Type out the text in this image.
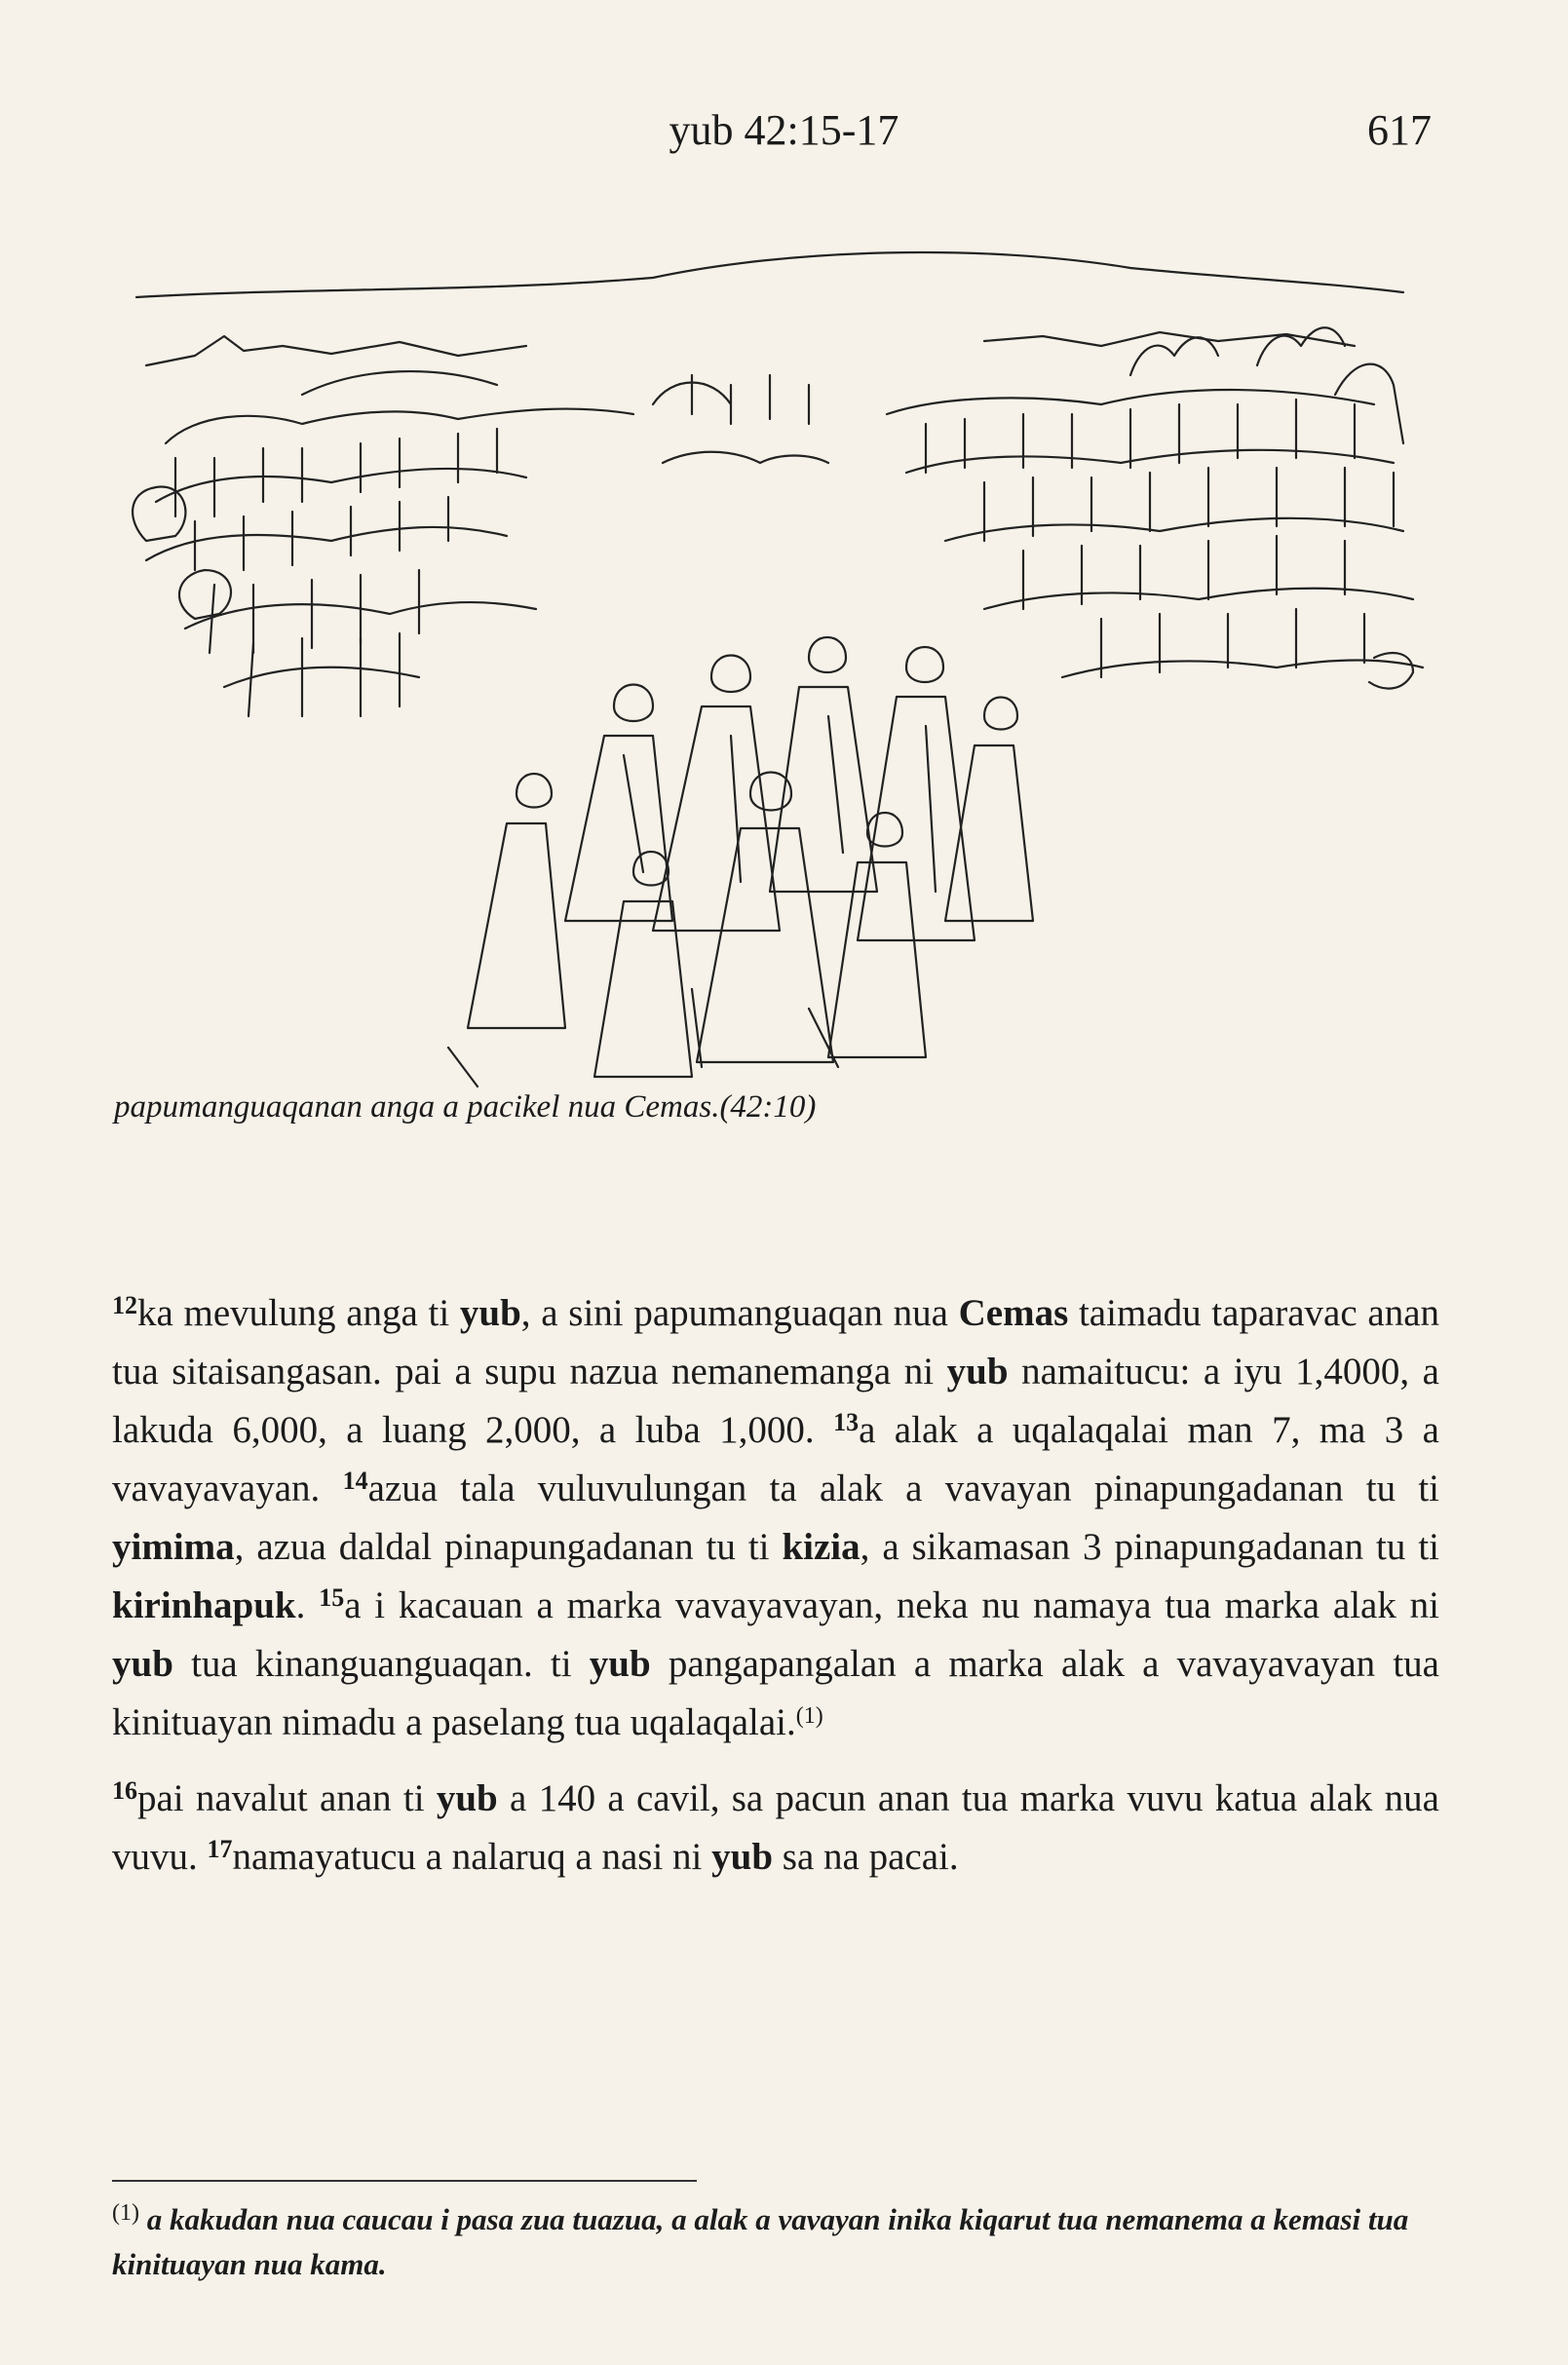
yub 42:15-17	617
papumanguaqanan anga a pacikel nua Cemas.(42:10)

$^{12}$ka mevulung anga ti yub, a sini papumanguaqan nua Cemas taimadu taparavac anan tua sitaisangasan. pai a supu nazua nemanemanga ni yub namaitucu: a iyu 1,4000, a lakuda 6,000, a luang 2,000, a luba 1,000. $^{13}$a alak a uqalaqalai man 7, ma 3 a vavayavayan. $^{14}$azua tala vuluvulungan ta alak a vavayan pinapungadanan tu ti yimima, azua daldal pinapungadanan tu ti kizia, a sikamasan 3 pinapungadanan tu ti kirinhapuk. $^{15}$a i kacauan a marka vavayavayan, neka nu namaya tua marka alak ni yub tua kinanguanguaqan. ti yub pangapangalan a marka alak a vavayavayan tua kinituayan nimadu a paselang tua uqalaqalai.$^{(1)}$

$^{16}$pai navalut anan ti yub a 140 a cavil, sa pacun anan tua marka vuvu katua alak nua vuvu. $^{17}$namayatucu a nalaruq a nasi ni yub sa na pacai.

$^{(1)}$ a kakudan nua caucau i pasa zua tuazua, a alak a vavayan inika kiqarut tua nemanema a kemasi tua kinituayan nua kama.
